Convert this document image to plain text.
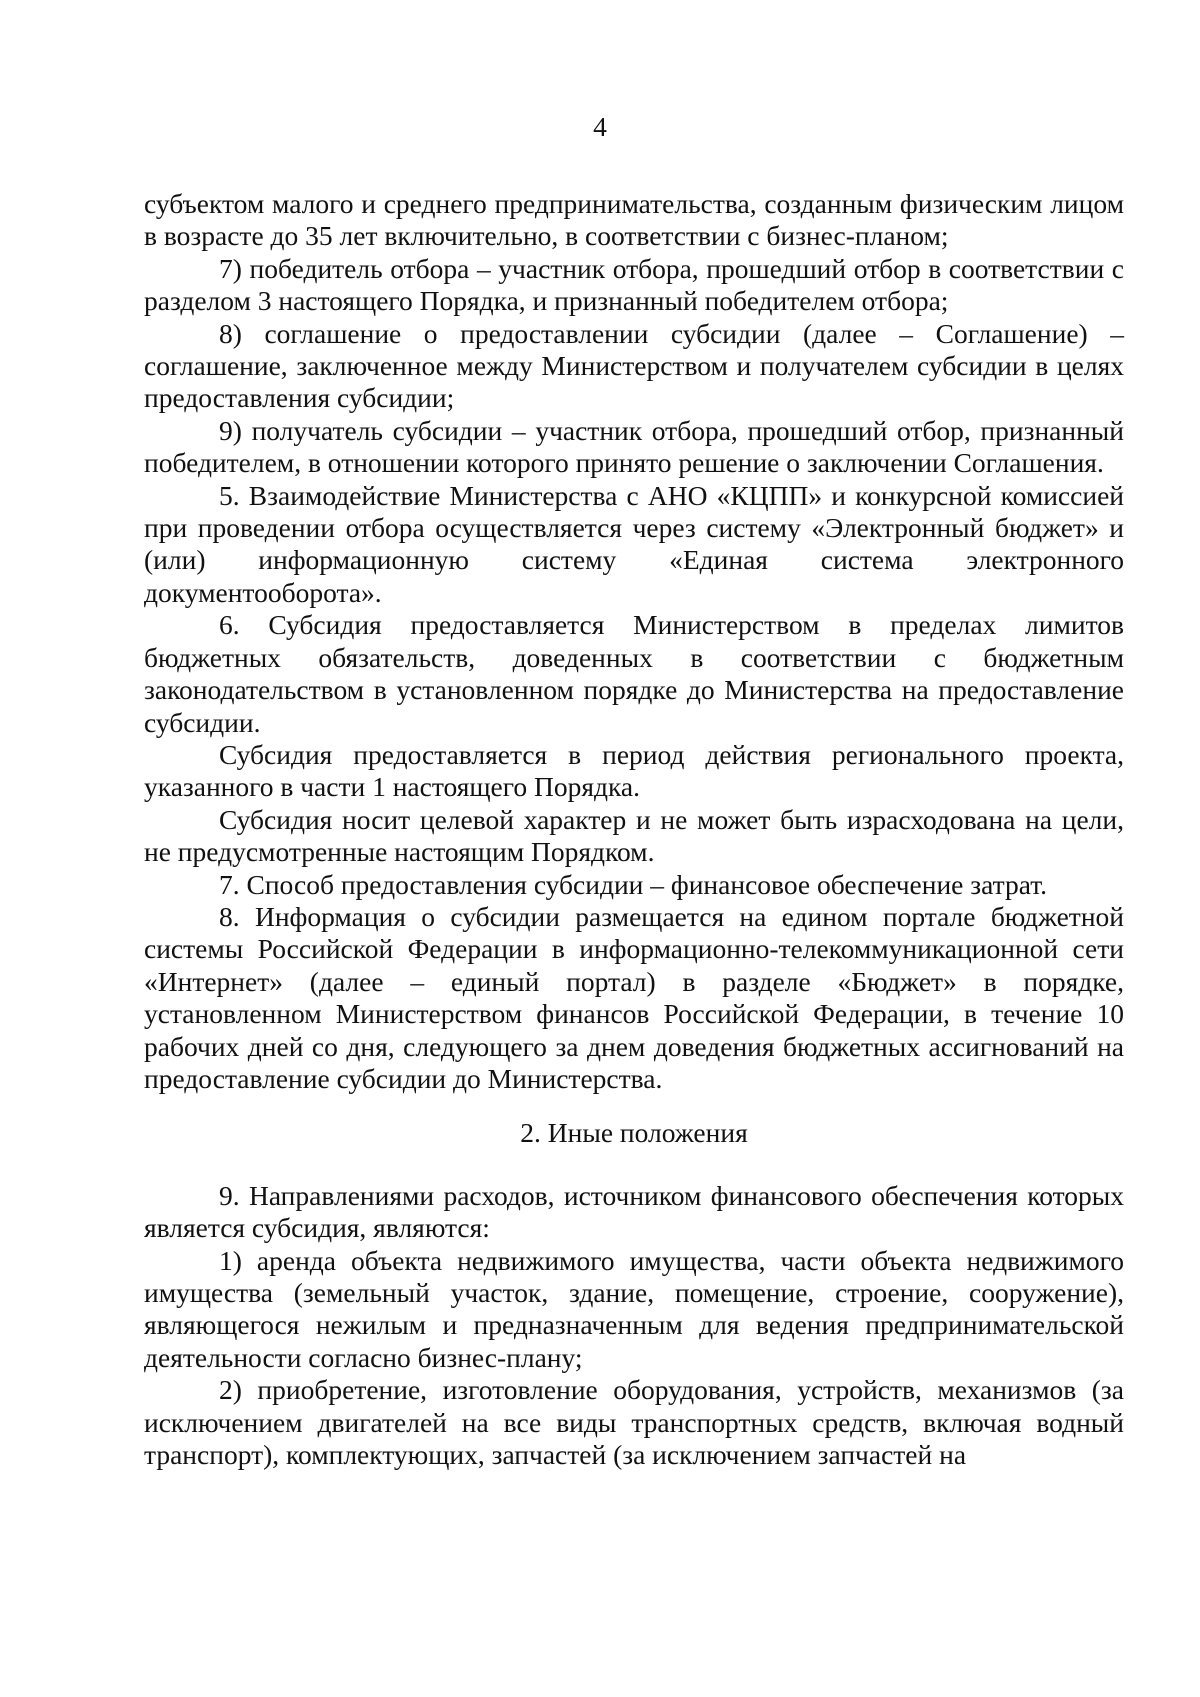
4

субъектом малого и среднего предпринимательства, созданным физическим лицом в возрасте до 35 лет включительно, в соответствии с бизнес-планом;

7) победитель отбора – участник отбора, прошедший отбор в соответствии с разделом 3 настоящего Порядка, и признанный победителем отбора;

8) соглашение о предоставлении субсидии (далее – Соглашение) – соглашение, заключенное между Министерством и получателем субсидии в целях предоставления субсидии;

9) получатель субсидии – участник отбора, прошедший отбор, признанный победителем, в отношении которого принято решение о заключении Соглашения.

5. Взаимодействие Министерства с АНО «КЦПП» и конкурсной комиссией при проведении отбора осуществляется через систему «Электронный бюджет» и (или) информационную систему «Единая система электронного документооборота».

6. Субсидия предоставляется Министерством в пределах лимитов бюджетных обязательств, доведенных в соответствии с бюджетным законодательством в установленном порядке до Министерства на предоставление субсидии.

Субсидия предоставляется в период действия регионального проекта, указанного в части 1 настоящего Порядка.

Субсидия носит целевой характер и не может быть израсходована на цели, не предусмотренные настоящим Порядком.

7. Способ предоставления субсидии – финансовое обеспечение затрат.

8. Информация о субсидии размещается на едином портале бюджетной системы Российской Федерации в информационно-телекоммуникационной сети «Интернет» (далее – единый портал) в разделе «Бюджет» в порядке, установленном Министерством финансов Российской Федерации, в течение 10 рабочих дней со дня, следующего за днем доведения бюджетных ассигнований на предоставление субсидии до Министерства.

2. Иные положения

9. Направлениями расходов, источником финансового обеспечения которых является субсидия, являются:

1) аренда объекта недвижимого имущества, части объекта недвижимого имущества (земельный участок, здание, помещение, строение, сооружение), являющегося нежилым и предназначенным для ведения предпринимательской деятельности согласно бизнес-плану;

2) приобретение, изготовление оборудования, устройств, механизмов (за исключением двигателей на все виды транспортных средств, включая водный транспорт), комплектующих, запчастей (за исключением запчастей на
